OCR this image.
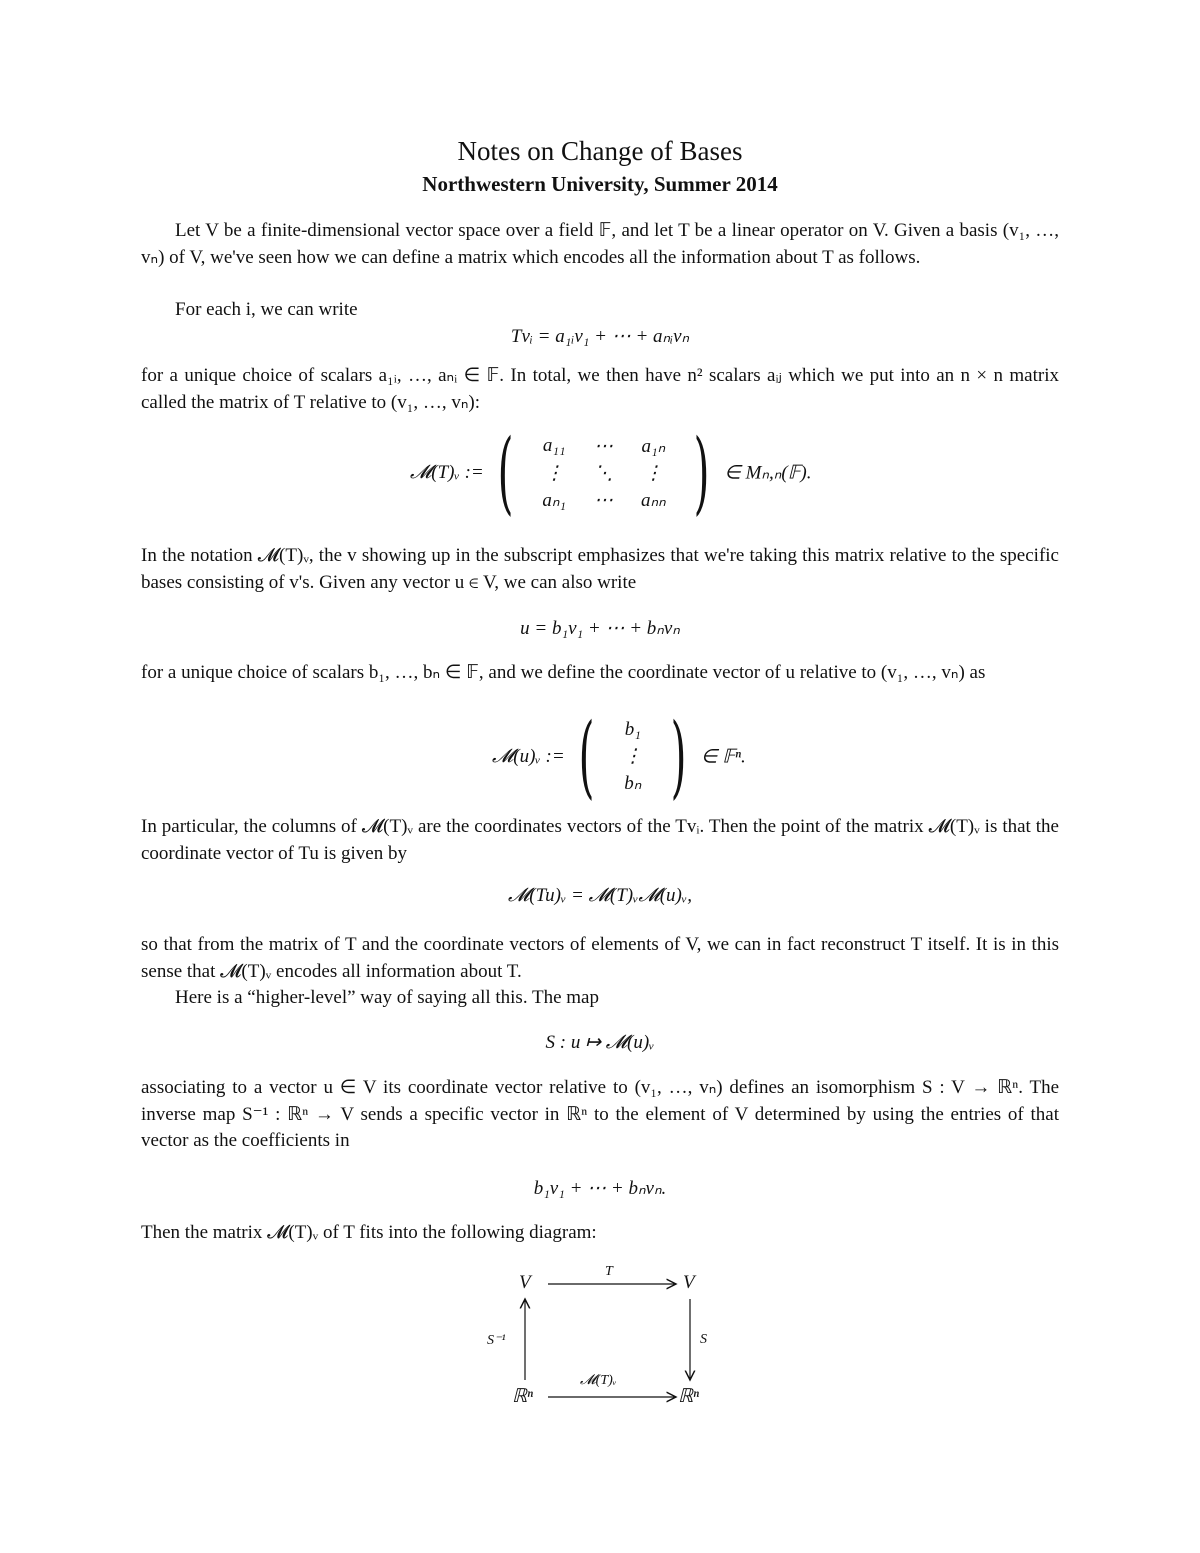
Notes on Change of Bases
Northwestern University, Summer 2014
Let V be a finite-dimensional vector space over a field 𝔽, and let T be a linear operator on V. Given a basis (v₁, …, vₙ) of V, we've seen how we can define a matrix which encodes all the information about T as follows.
For each i, we can write
Tvᵢ = a₁ᵢv₁ + ⋯ + aₙᵢvₙ
for a unique choice of scalars a₁ᵢ, …, aₙᵢ ∈ 𝔽. In total, we then have n² scalars aᵢⱼ which we put into an n × n matrix called the matrix of T relative to (v₁, …, vₙ):
𝓜(T)ᵥ := ( a₁₁	⋯	a₁ₙ
⋮	⋱	⋮
aₙ₁	⋯	aₙₙ ) ∈ Mₙ,ₙ(𝔽).
In the notation 𝓜(T)ᵥ, the v showing up in the subscript emphasizes that we're taking this matrix relative to the specific bases consisting of v's. Given any vector u ∈ V, we can also write
u = b₁v₁ + ⋯ + bₙvₙ
for a unique choice of scalars b₁, …, bₙ ∈ 𝔽, and we define the coordinate vector of u relative to (v₁, …, vₙ) as
𝓜(u)ᵥ := ( b₁
⋮
bₙ ) ∈ 𝔽ⁿ.
In particular, the columns of 𝓜(T)ᵥ are the coordinates vectors of the Tvᵢ. Then the point of the matrix 𝓜(T)ᵥ is that the coordinate vector of Tu is given by
𝓜(Tu)ᵥ = 𝓜(T)ᵥ𝓜(u)ᵥ,
so that from the matrix of T and the coordinate vectors of elements of V, we can in fact reconstruct T itself. It is in this sense that 𝓜(T)ᵥ encodes all information about T.
Here is a “higher-level” way of saying all this. The map
S : u ↦ 𝓜(u)ᵥ
associating to a vector u ∈ V its coordinate vector relative to (v₁, …, vₙ) defines an isomorphism S : V → ℝⁿ. The inverse map S⁻¹ : ℝⁿ → V sends a specific vector in ℝⁿ to the element of V determined by using the entries of that vector as the coefficients in
b₁v₁ + ⋯ + bₙvₙ.
Then the matrix 𝓜(T)ᵥ of T fits into the following diagram:
V	V
T
ℝⁿ	ℝⁿ
𝓜(T)ᵥ
S⁻¹	S
